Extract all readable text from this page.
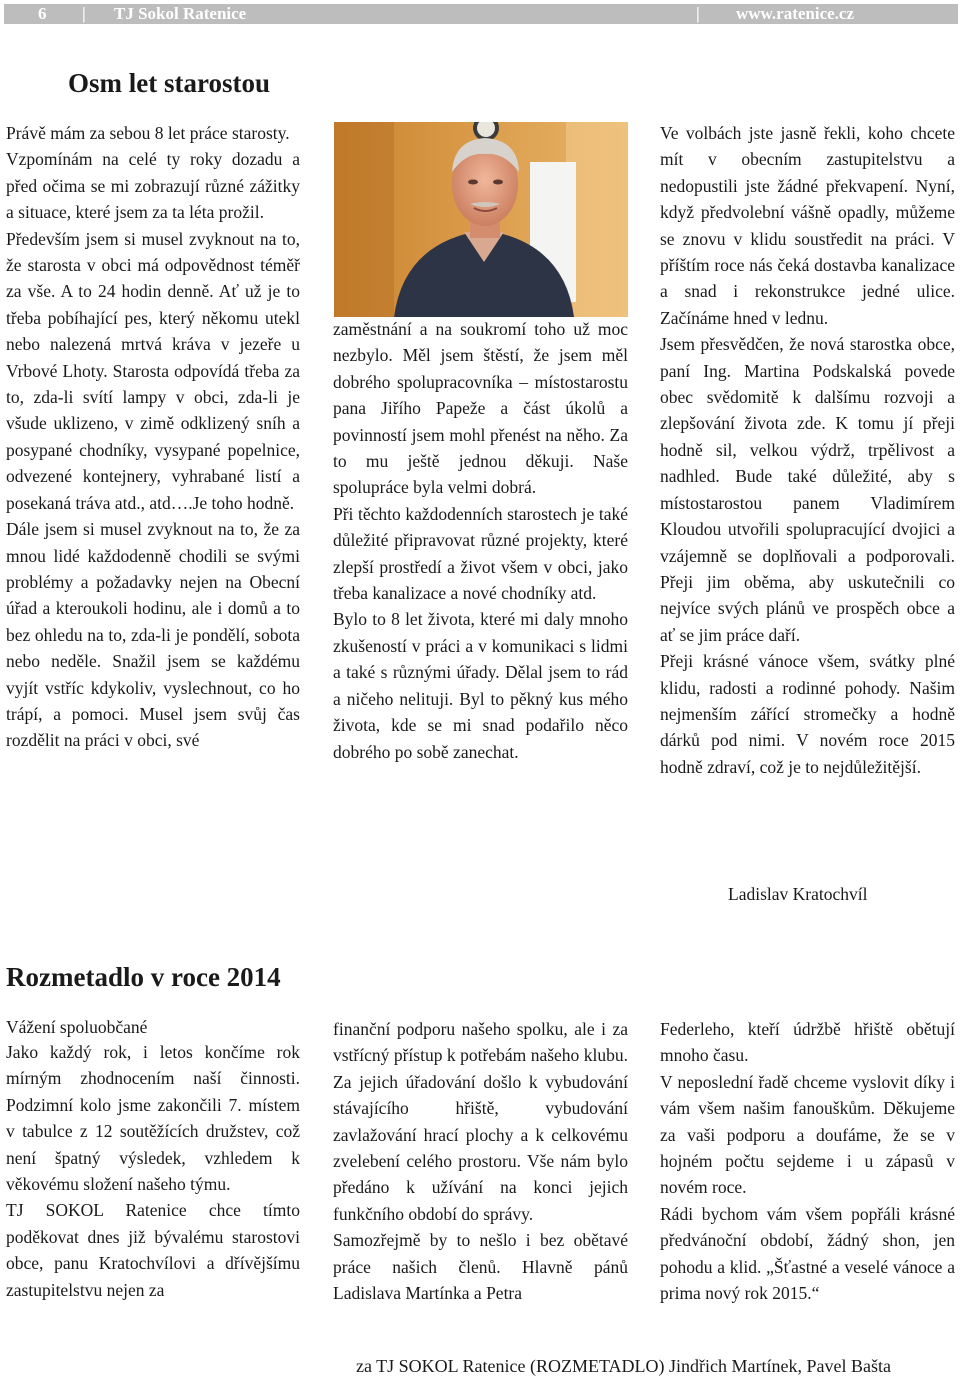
6 | TJ Sokol Ratenice	| www.ratenice.cz
Osm let starostou

Právě mám za sebou 8 let práce starosty.

Vzpomínám na celé ty roky dozadu a před očima se mi zobrazují různé zážitky a situace, které jsem za ta léta prožil.

Především jsem si musel zvyknout na to, že starosta v obci má odpovědnost téměř za vše. A to 24 hodin denně. Ať už je to třeba pobíhající pes, který někomu utekl nebo nalezená mrtvá kráva v jezeře u Vrbové Lhoty. Starosta odpovídá třeba za to, zda-li svítí lampy v obci, zda-li je všude uklizeno, v zimě odklizený sníh a posypané chodníky, vysypané popelnice, odvezené kontejnery, vyhrabané listí a posekaná tráva atd., atd….Je toho hodně.

Dále jsem si musel zvyknout na to, že za mnou lidé každodenně chodili se svými problémy a požadavky nejen na Obecní úřad a kteroukoli hodinu, ale i domů a to bez ohledu na to, zda-li je pondělí, sobota nebo neděle. Snažil jsem se každému vyjít vstříc kdykoliv, vyslechnout, co ho trápí, a pomoci. Musel jsem svůj čas rozdělit na práci v obci, své

zaměstnání a na soukromí toho už moc nezbylo. Měl jsem štěstí, že jsem měl dobrého spolupracovníka – místostarostu pana Jiřího Papeže a část úkolů a povinností jsem mohl přenést na něho. Za to mu ještě jednou děkuji. Naše spolupráce byla velmi dobrá.

Při těchto každodenních starostech je také důležité připravovat různé projekty, které zlepší prostředí a život všem v obci, jako třeba kanalizace a nové chodníky atd.

Bylo to 8 let života, které mi daly mnoho zkušeností v práci a v komunikaci s lidmi a také s různými úřady. Dělal jsem to rád a ničeho nelituji. Byl to pěkný kus mého života, kde se mi snad podařilo něco dobrého po sobě zanechat.

Ve volbách jste jasně řekli, koho chcete mít v obecním zastupitelstvu a nedopustili jste žádné překvapení. Nyní, když předvolební vášně opadly, můžeme se znovu v klidu soustředit na práci. V příštím roce nás čeká dostavba kanalizace a snad i rekonstrukce jedné ulice. Začínáme hned v lednu.

Jsem přesvědčen, že nová starostka obce, paní Ing. Martina Podskalská povede obec svědomitě k dalšímu rozvoji a zlepšování života zde. K tomu jí přeji hodně sil, velkou výdrž, trpělivost a nadhled. Bude také důležité, aby s místostarostou panem Vladimírem Kloudou utvořili spolupracující dvojici a vzájemně se doplňovali a podporovali. Přeji jim oběma, aby uskutečnili co nejvíce svých plánů ve prospěch obce a ať se jim práce daří.

Přeji krásné vánoce všem, svátky plné klidu, radosti a rodinné pohody. Našim nejmenším zářící stromečky a hodně dárků pod nimi. V novém roce 2015 hodně zdraví, což je to nejdůležitější.

Ladislav Kratochvíl
Rozmetadlo v roce 2014
Vážení spoluobčané

Jako každý rok, i letos končíme rok mírným zhodnocením naší činnosti. Podzimní kolo jsme zakončili 7. místem v tabulce z 12 soutěžících družstev, což není špatný výsledek, vzhledem k věkovému složení našeho týmu.

TJ SOKOL Ratenice chce tímto poděkovat dnes již bývalému starostovi obce, panu Kratochvílovi a dřívějšímu zastupitelstvu nejen za

finanční podporu našeho spolku, ale i za vstřícný přístup k potřebám našeho klubu. Za jejich úřadování došlo k vybudování stávajícího hřiště, vybudování zavlažování hrací plochy a k celkovému zvelebení celého prostoru. Vše nám bylo předáno k užívání na konci jejich funkčního období do správy.

Samozřejmě by to nešlo i bez obětavé práce našich členů. Hlavně pánů Ladislava Martínka a Petra

Federlehо, kteří údržbě hřiště obětují mnoho času.

V neposlední řadě chceme vyslovit díky i vám všem našim fanouškům. Děkujeme za vaši podporu a doufáme, že se v hojném počtu sejdeme i u zápasů v novém roce.

Rádi bychom vám všem popřáli krásné předvánoční období, žádný shon, jen pohodu a klid. „Šťastné a veselé vánoce a prima nový rok 2015.“

za TJ SOKOL Ratenice (ROZMETADLO) Jindřich Martínek, Pavel Bašta
